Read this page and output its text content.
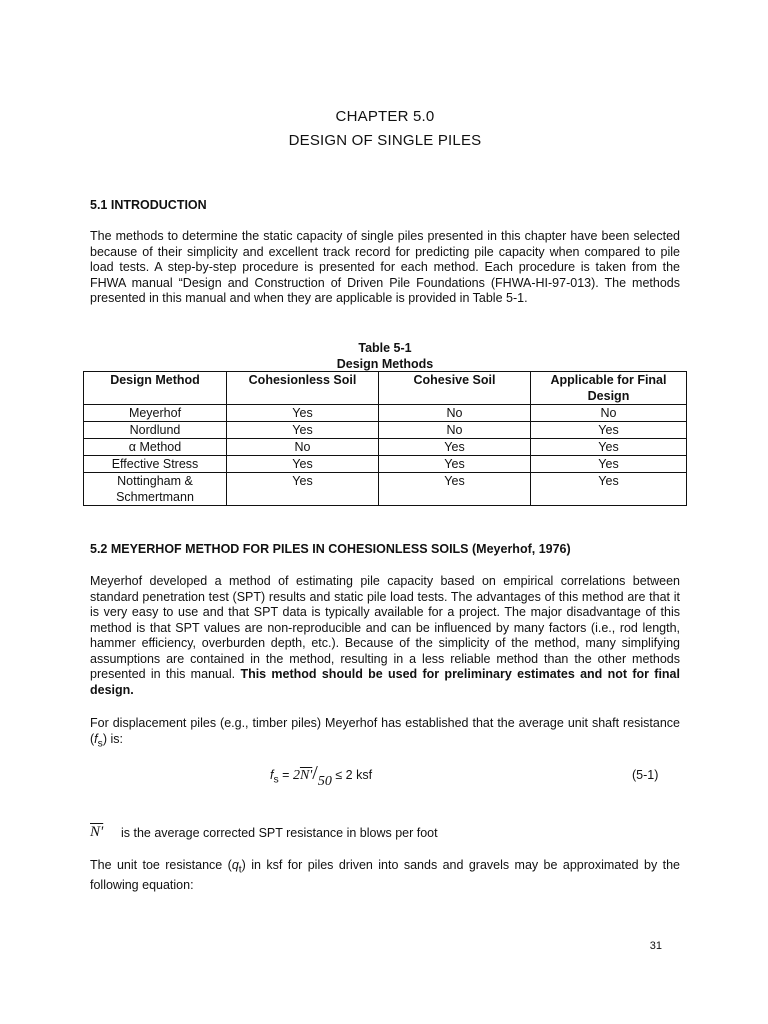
CHAPTER 5.0
DESIGN OF SINGLE PILES
5.1 INTRODUCTION

The methods to determine the static capacity of single piles presented in this chapter have been selected because of their simplicity and excellent track record for predicting pile capacity when compared to pile load tests. A step-by-step procedure is presented for each method. Each procedure is taken from the FHWA manual “Design and Construction of Driven Pile Foundations (FHWA-HI-97-013). The methods presented in this manual and when they are applicable is provided in Table 5-1.

Table 5-1
Design Methods
Design Method	Cohesionless Soil	Cohesive Soil	Applicable for Final Design
Meyerhof	Yes	No	No
Nordlund	Yes	No	Yes
α Method	No	Yes	Yes
Effective Stress	Yes	Yes	Yes
Nottingham & Schmertmann	Yes	Yes	Yes
5.2 MEYERHOF METHOD FOR PILES IN COHESIONLESS SOILS (Meyerhof, 1976)

Meyerhof developed a method of estimating pile capacity based on empirical correlations between standard penetration test (SPT) results and static pile load tests. The advantages of this method are that it is very easy to use and that SPT data is typically available for a project. The major disadvantage of this method is that SPT values are non-reproducible and can be influenced by many factors (i.e., rod length, hammer efficiency, overburden depth, etc.). Because of the simplicity of the method, many simplifying assumptions are contained in the method, resulting in a less reliable method than the other methods presented in this manual. This method should be used for preliminary estimates and not for final design.

For displacement piles (e.g., timber piles) Meyerhof has established that the average unit shaft resistance $(f_s)$ is:

$f_s = 2N'/50 \le 2$ ksf	(5-1)
N' is the average corrected SPT resistance in blows per foot

The unit toe resistance $(q_t)$ in ksf for piles driven into sands and gravels may be approximated by the following equation:

31
